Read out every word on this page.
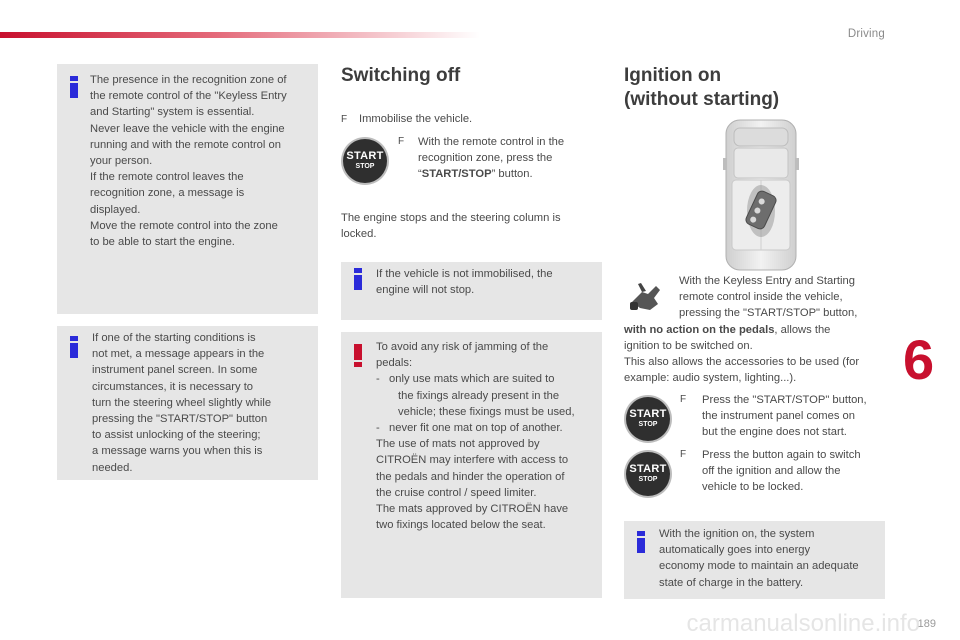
Driving
6
The presence in the recognition zone of
the remote control of the "Keyless Entry
and Starting" system is essential.
Never leave the vehicle with the engine
running and with the remote control on
your person.
If the remote control leaves the
recognition zone, a message is
displayed.
Move the remote control into the zone
to be able to start the engine.
If one of the starting conditions is
not met, a message appears in the
instrument panel screen. In some
circumstances, it is necessary to
turn the steering wheel slightly while
pressing the "START/STOP" button
to assist unlocking of the steering;
a message warns you when this is
needed.
Switching off
F Immobilise the vehicle.
START
STOP
F	With the remote control in the
recognition zone, press the
“START/STOP” button.
The engine stops and the steering column is
locked.
If the vehicle is not immobilised, the
engine will not stop.
To avoid any risk of jamming of the
pedals:
-   only use mats which are suited to
the fixings already present in the
vehicle; these fixings must be used,
-   never fit one mat on top of another.
The use of mats not approved by
CITROËN may interfere with access to
the pedals and hinder the operation of
the cruise control / speed limiter.
The mats approved by CITROËN have
two fixings located below the seat.
Ignition on
(without starting)
With the Keyless Entry and Starting
remote control inside the vehicle,
pressing the "START/STOP" button,
with no action on the pedals, allows the
ignition to be switched on.
This also allows the accessories to be used (for
example: audio system, lighting...).
START
STOP
F	Press the "START/STOP" button,
the instrument panel comes on
but the engine does not start.
START
STOP
F	Press the button again to switch
off the ignition and allow the
vehicle to be locked.
With the ignition on, the system
automatically goes into energy
economy mode to maintain an adequate
state of charge in the battery.
189
carmanualsonline.info
